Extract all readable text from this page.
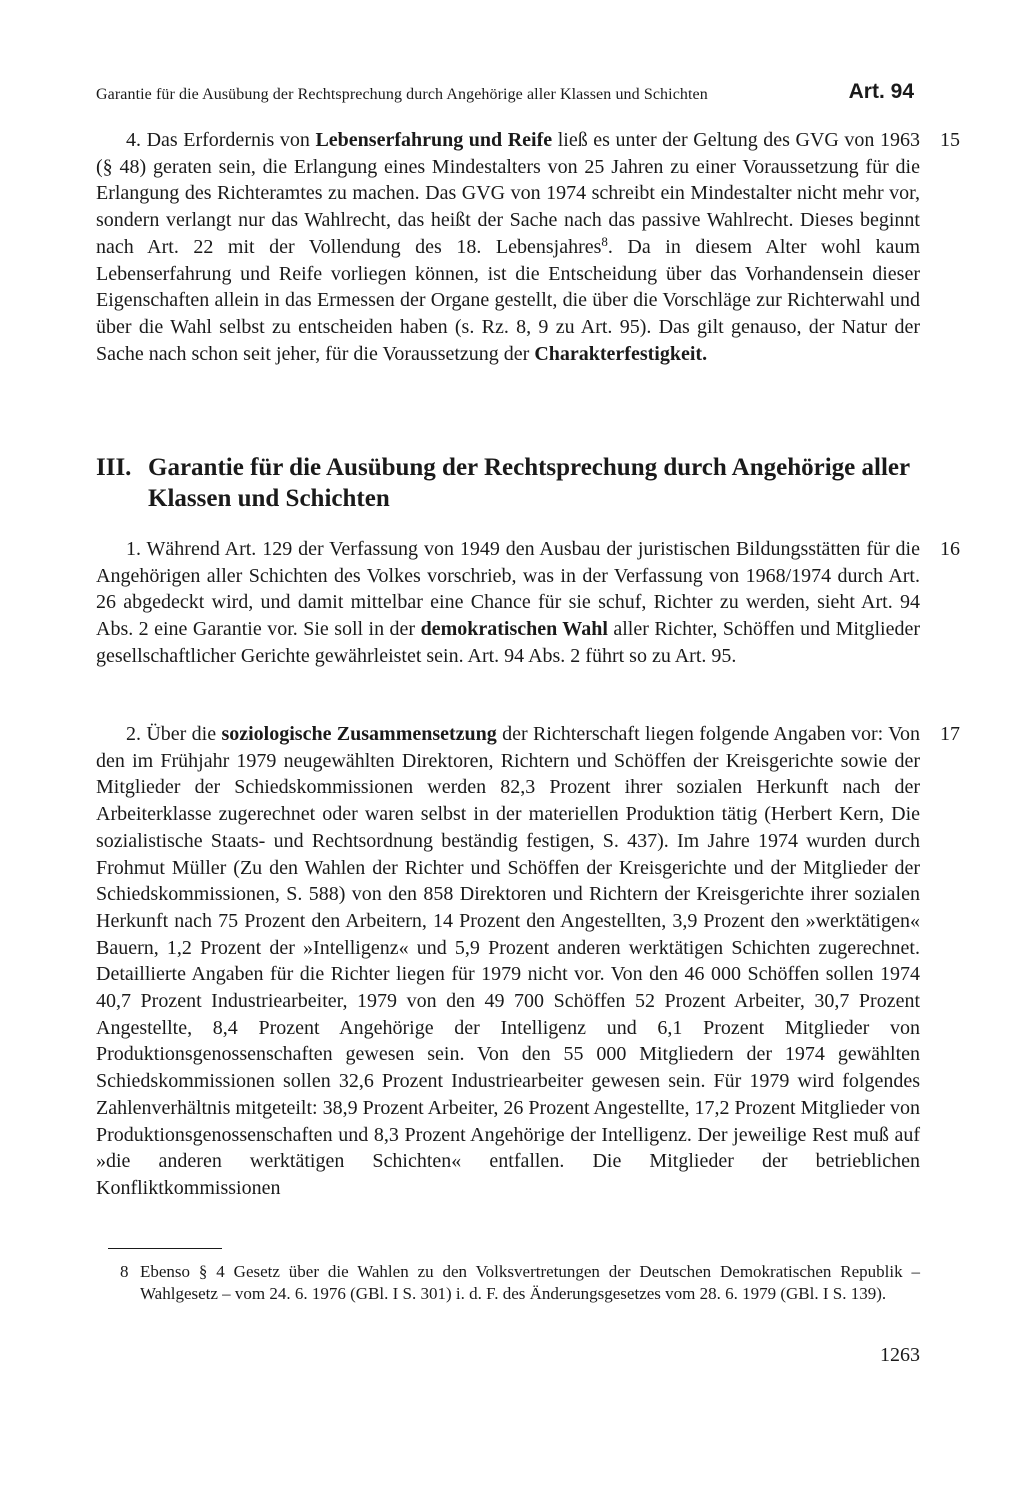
Garantie für die Ausübung der Rechtsprechung durch Angehörige aller Klassen und Schichten	Art. 94
15

4. Das Erfordernis von Lebenserfahrung und Reife ließ es unter der Geltung des GVG von 1963 (§ 48) geraten sein, die Erlangung eines Mindestalters von 25 Jahren zu einer Voraussetzung für die Erlangung des Richteramtes zu machen. Das GVG von 1974 schreibt ein Mindestalter nicht mehr vor, sondern verlangt nur das Wahlrecht, das heißt der Sache nach das passive Wahlrecht. Dieses beginnt nach Art. 22 mit der Vollendung des 18. Lebensjahres$^8$. Da in diesem Alter wohl kaum Lebenserfahrung und Reife vorliegen können, ist die Entscheidung über das Vorhandensein dieser Eigenschaften allein in das Ermessen der Organe gestellt, die über die Vorschläge zur Richterwahl und über die Wahl selbst zu entscheiden haben (s. Rz. 8, 9 zu Art. 95). Das gilt genauso, der Natur der Sache nach schon seit jeher, für die Voraussetzung der Charakterfestigkeit.

III. Garantie für die Ausübung der Rechtsprechung durch Angehörige aller Klassen und Schichten
16

1. Während Art. 129 der Verfassung von 1949 den Ausbau der juristischen Bildungsstätten für die Angehörigen aller Schichten des Volkes vorschrieb, was in der Verfassung von 1968/1974 durch Art. 26 abgedeckt wird, und damit mittelbar eine Chance für sie schuf, Richter zu werden, sieht Art. 94 Abs. 2 eine Garantie vor. Sie soll in der demokratischen Wahl aller Richter, Schöffen und Mitglieder gesellschaftlicher Gerichte gewährleistet sein. Art. 94 Abs. 2 führt so zu Art. 95.

17

2. Über die soziologische Zusammensetzung der Richterschaft liegen folgende Angaben vor: Von den im Frühjahr 1979 neugewählten Direktoren, Richtern und Schöffen der Kreisgerichte sowie der Mitglieder der Schiedskommissionen werden 82,3 Prozent ihrer sozialen Herkunft nach der Arbeiterklasse zugerechnet oder waren selbst in der materiellen Produktion tätig (Herbert Kern, Die sozialistische Staats- und Rechtsordnung beständig festigen, S. 437). Im Jahre 1974 wurden durch Frohmut Müller (Zu den Wahlen der Richter und Schöffen der Kreisgerichte und der Mitglieder der Schiedskommissionen, S. 588) von den 858 Direktoren und Richtern der Kreisgerichte ihrer sozialen Herkunft nach 75 Prozent den Arbeitern, 14 Prozent den Angestellten, 3,9 Prozent den »werktätigen« Bauern, 1,2 Prozent der »Intelligenz« und 5,9 Prozent anderen werktätigen Schichten zugerechnet. Detaillierte Angaben für die Richter liegen für 1979 nicht vor. Von den 46 000 Schöffen sollen 1974 40,7 Prozent Industriearbeiter, 1979 von den 49 700 Schöffen 52 Prozent Arbeiter, 30,7 Prozent Angestellte, 8,4 Prozent Angehörige der Intelligenz und 6,1 Prozent Mitglieder von Produktionsgenossenschaften gewesen sein. Von den 55 000 Mitgliedern der 1974 gewählten Schiedskommissionen sollen 32,6 Prozent Industriearbeiter gewesen sein. Für 1979 wird folgendes Zahlenverhältnis mitgeteilt: 38,9 Prozent Arbeiter, 26 Prozent Angestellte, 17,2 Prozent Mitglieder von Produktionsgenossenschaften und 8,3 Prozent Angehörige der Intelligenz. Der jeweilige Rest muß auf »die anderen werktätigen Schichten« entfallen. Die Mitglieder der betrieblichen Konfliktkommissionen

8 Ebenso § 4 Gesetz über die Wahlen zu den Volksvertretungen der Deutschen Demokratischen Republik – Wahlgesetz – vom 24. 6. 1976 (GBl. I S. 301) i. d. F. des Änderungsgesetzes vom 28. 6. 1979 (GBl. I S. 139).
1263
